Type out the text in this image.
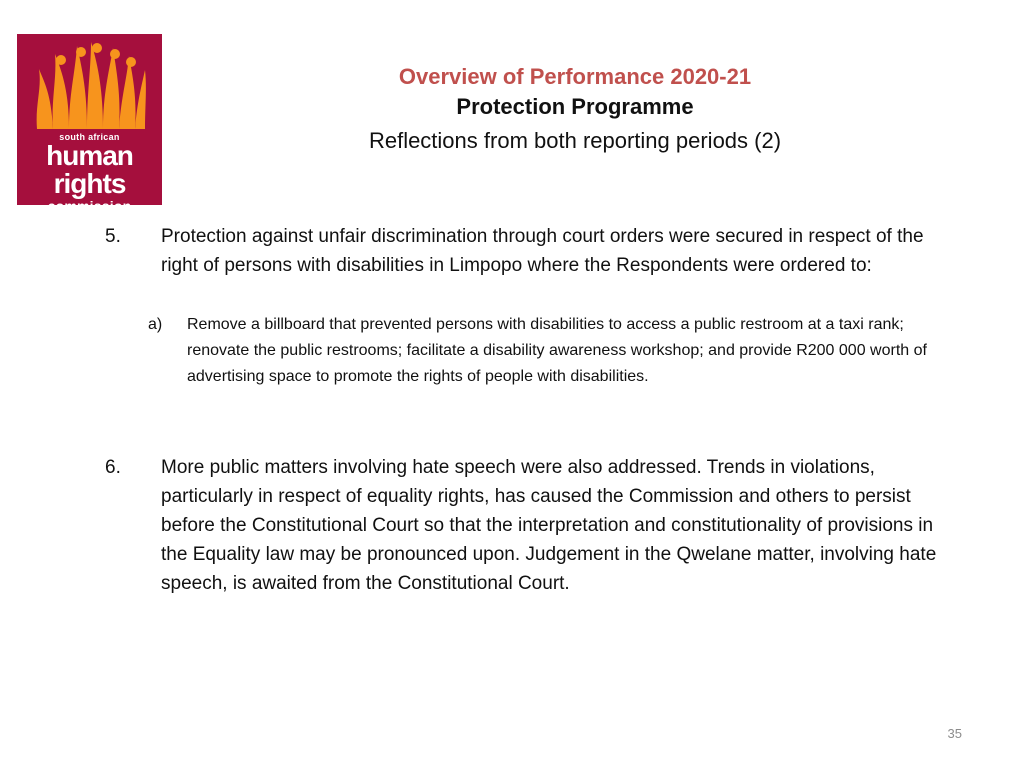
south african
human
rights
commission
Overview of Performance 2020-21
Protection Programme
Reflections from both reporting periods (2)
5. Protection against unfair discrimination through court orders were secured in respect of the right of persons with disabilities in Limpopo where the Respondents were ordered to:
a) Remove a billboard that prevented persons with disabilities to access a public restroom at a taxi rank; renovate the public restrooms; facilitate a disability awareness workshop; and provide R200 000 worth of advertising space to promote the rights of people with disabilities.
6. More public matters involving hate speech were also addressed. Trends in violations, particularly in respect of equality rights, has caused the Commission and others to persist before the Constitutional Court so that the interpretation and constitutionality of provisions in the Equality law may be pronounced upon. Judgement in the Qwelane matter, involving hate speech, is awaited from the Constitutional Court.
35
